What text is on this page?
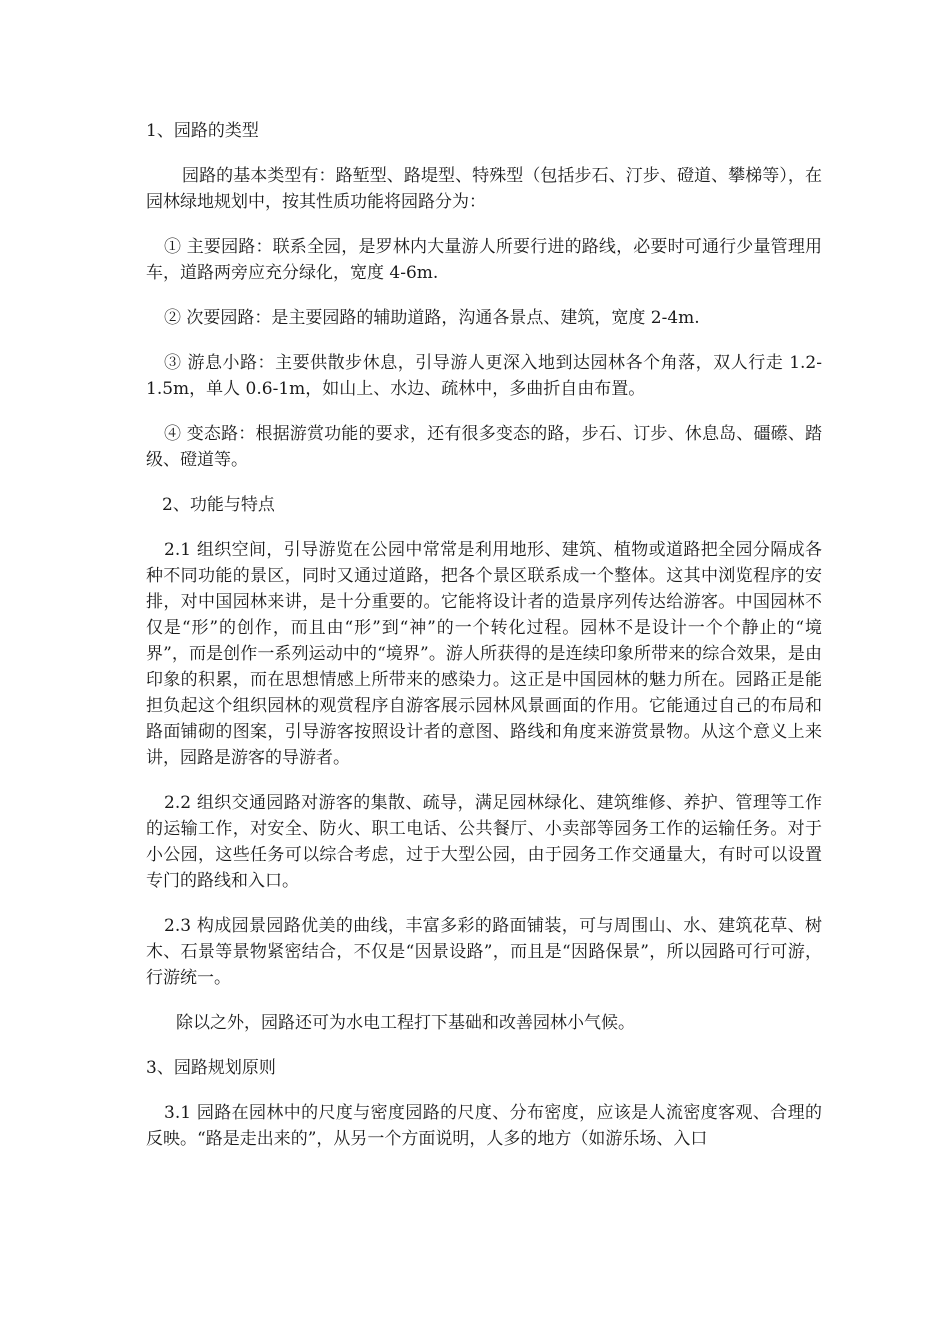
1、园路的类型

园路的基本类型有：路堑型、路堤型、特殊型（包括步石、汀步、磴道、攀梯等），在园林绿地规划中，按其性质功能将园路分为：

① 主要园路：联系全园，是罗林内大量游人所要行进的路线，必要时可通行少量管理用车，道路两旁应充分绿化，宽度 4-6m.

② 次要园路：是主要园路的辅助道路，沟通各景点、建筑，宽度 2-4m.

③ 游息小路：主要供散步休息，引导游人更深入地到达园林各个角落，双人行走 1.2-1.5m，单人 0.6-1m，如山上、水边、疏林中，多曲折自由布置。

④ 变态路：根据游赏功能的要求，还有很多变态的路，步石、订步、休息岛、礓礤、踏级、磴道等。

2、功能与特点

2.1 组织空间，引导游览在公园中常常是利用地形、建筑、植物或道路把全园分隔成各种不同功能的景区，同时又通过道路，把各个景区联系成一个整体。这其中浏览程序的安排，对中国园林来讲，是十分重要的。它能将设计者的造景序列传达给游客。中国园林不仅是“形”的创作，而且由“形”到“神”的一个转化过程。园林不是设计一个个静止的“境界”，而是创作一系列运动中的“境界”。游人所获得的是连续印象所带来的综合效果，是由印象的积累，而在思想情感上所带来的感染力。这正是中国园林的魅力所在。园路正是能担负起这个组织园林的观赏程序自游客展示园林风景画面的作用。它能通过自己的布局和路面铺砌的图案，引导游客按照设计者的意图、路线和角度来游赏景物。从这个意义上来讲，园路是游客的导游者。

2.2 组织交通园路对游客的集散、疏导，满足园林绿化、建筑维修、养护、管理等工作的运输工作，对安全、防火、职工电话、公共餐厅、小卖部等园务工作的运输任务。对于小公园，这些任务可以综合考虑，过于大型公园，由于园务工作交通量大，有时可以设置专门的路线和入口。

2.3 构成园景园路优美的曲线，丰富多彩的路面铺装，可与周围山、水、建筑花草、树木、石景等景物紧密结合，不仅是“因景设路”，而且是“因路保景”，所以园路可行可游，行游统一。

除以之外，园路还可为水电工程打下基础和改善园林小气候。

3、园路规划原则

3.1 园路在园林中的尺度与密度园路的尺度、分布密度，应该是人流密度客观、合理的反映。“路是走出来的”，从另一个方面说明，人多的地方（如游乐场、入口
